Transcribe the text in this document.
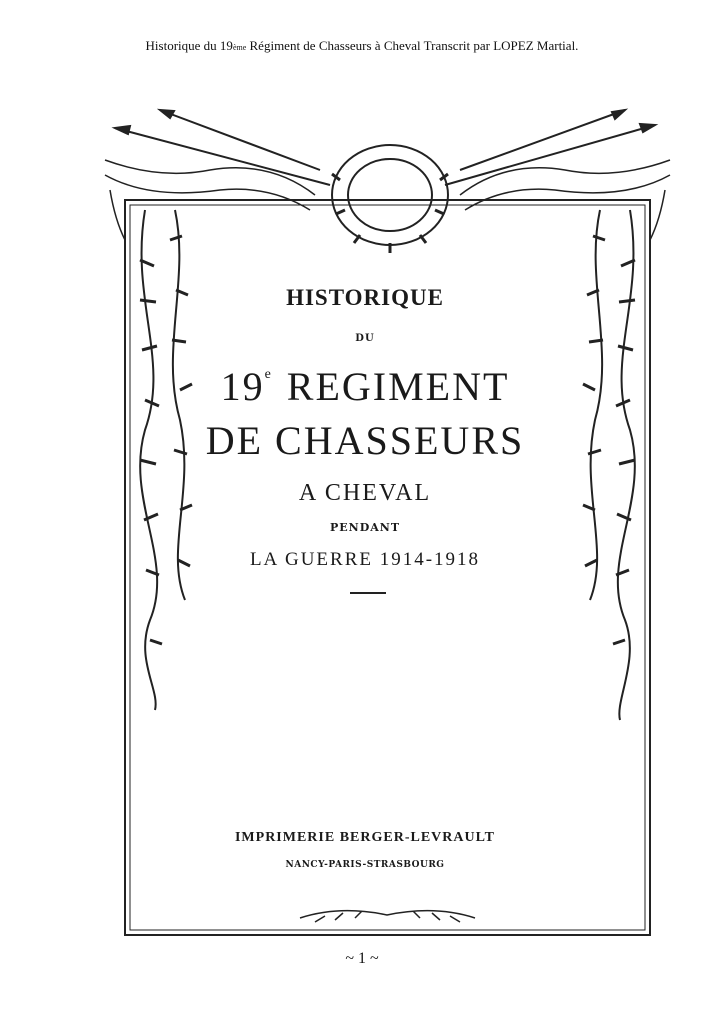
Historique du 19ème Régiment de Chasseurs à Cheval Transcrit par LOPEZ Martial.
HISTORIQUE
DU
19e REGIMENT
DE CHASSEURS
A CHEVAL
PENDANT
LA GUERRE 1914-1918
IMPRIMERIE BERGER-LEVRAULT
NANCY-PARIS-STRASBOURG
~ 1 ~
